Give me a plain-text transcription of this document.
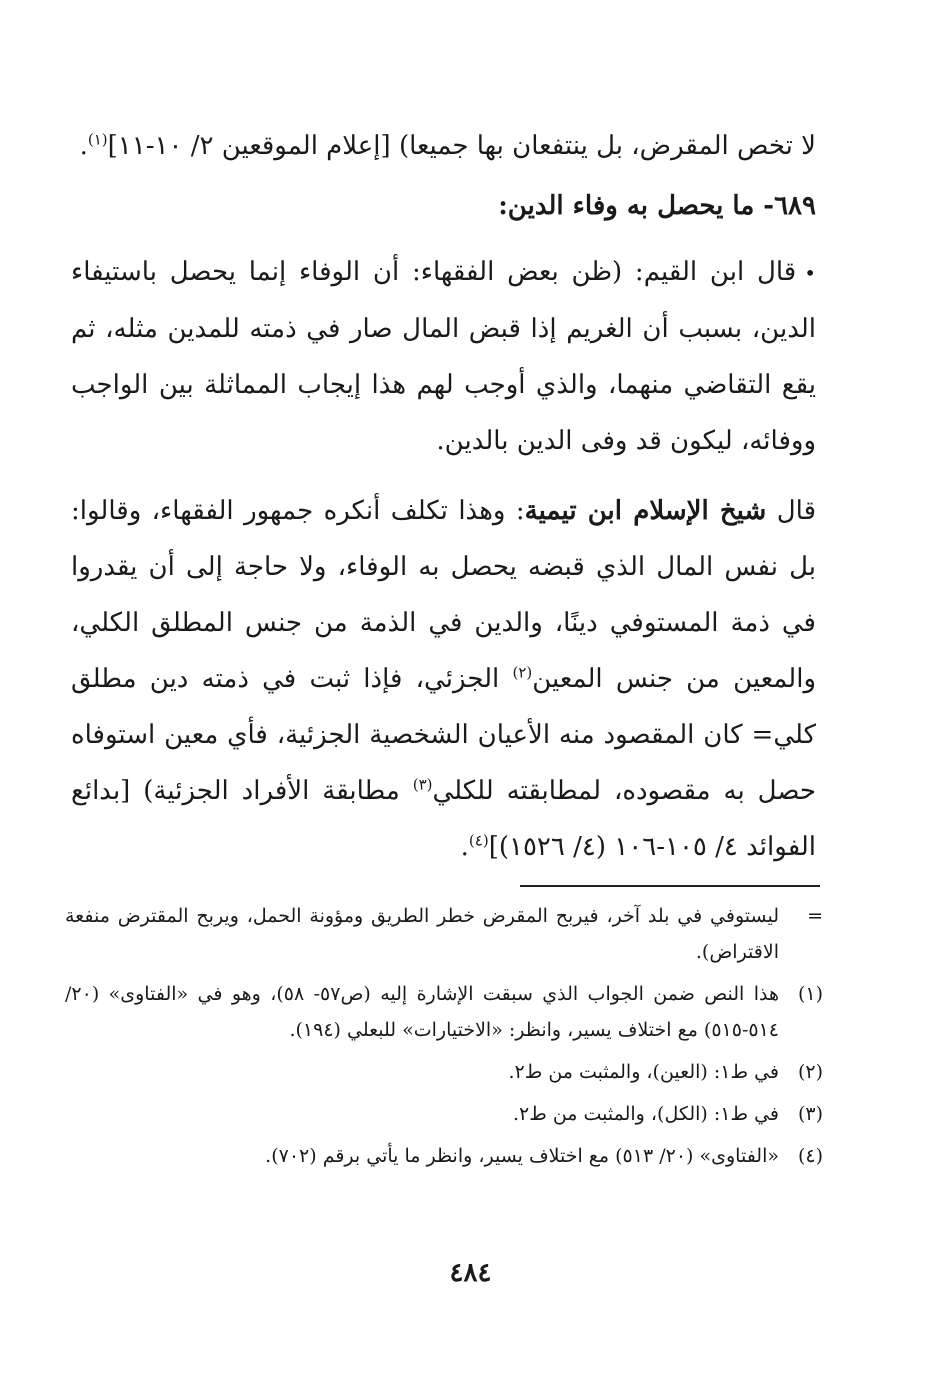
لا تخص المقرض، بل ينتفعان بها جميعا) [إعلام الموقعين ٢/ ١٠-١١]$^{(١)}$.

٦٨٩- ما يحصل به وفاء الدين:

•قال ابن القيم: (ظن بعض الفقهاء: أن الوفاء إنما يحصل باستيفاء الدين، بسبب أن الغريم إذا قبض المال صار في ذمته للمدين مثله، ثم يقع التقاضي منهما، والذي أوجب لهم هذا إيجاب المماثلة بين الواجب ووفائه، ليكون قد وفى الدين بالدين.

قال شيخ الإسلام ابن تيمية: وهذا تكلف أنكره جمهور الفقهاء، وقالوا: بل نفس المال الذي قبضه يحصل به الوفاء، ولا حاجة إلى أن يقدروا في ذمة المستوفي دينًا، والدين في الذمة من جنس المطلق الكلي، والمعين من جنس المعين$^{(٢)}$ الجزئي، فإذا ثبت في ذمته دين مطلق كلي= كان المقصود منه الأعيان الشخصية الجزئية، فأي معين استوفاه حصل به مقصوده، لمطابقته للكلي$^{(٣)}$ مطابقة الأفراد الجزئية) [بدائع الفوائد ٤/ ١٠٥-١٠٦ (٤/ ١٥٢٦)]$^{(٤)}$.

=
ليستوفي في بلد آخر، فيربح المقرض خطر الطريق ومؤونة الحمل، ويربح المقترض منفعة الاقتراض).
(١)
هذا النص ضمن الجواب الذي سبقت الإشارة إليه (ص٥٧- ٥٨)، وهو في «الفتاوى» (٢٠/ ٥١٤-٥١٥) مع اختلاف يسير، وانظر: «الاختيارات» للبعلي (١٩٤).
(٢)
في ط١: (العين)، والمثبت من ط٢.
(٣)
في ط١: (الكل)، والمثبت من ط٢.
(٤)
«الفتاوى» (٢٠/ ٥١٣) مع اختلاف يسير، وانظر ما يأتي برقم (٧٠٢).
٤٨٤
